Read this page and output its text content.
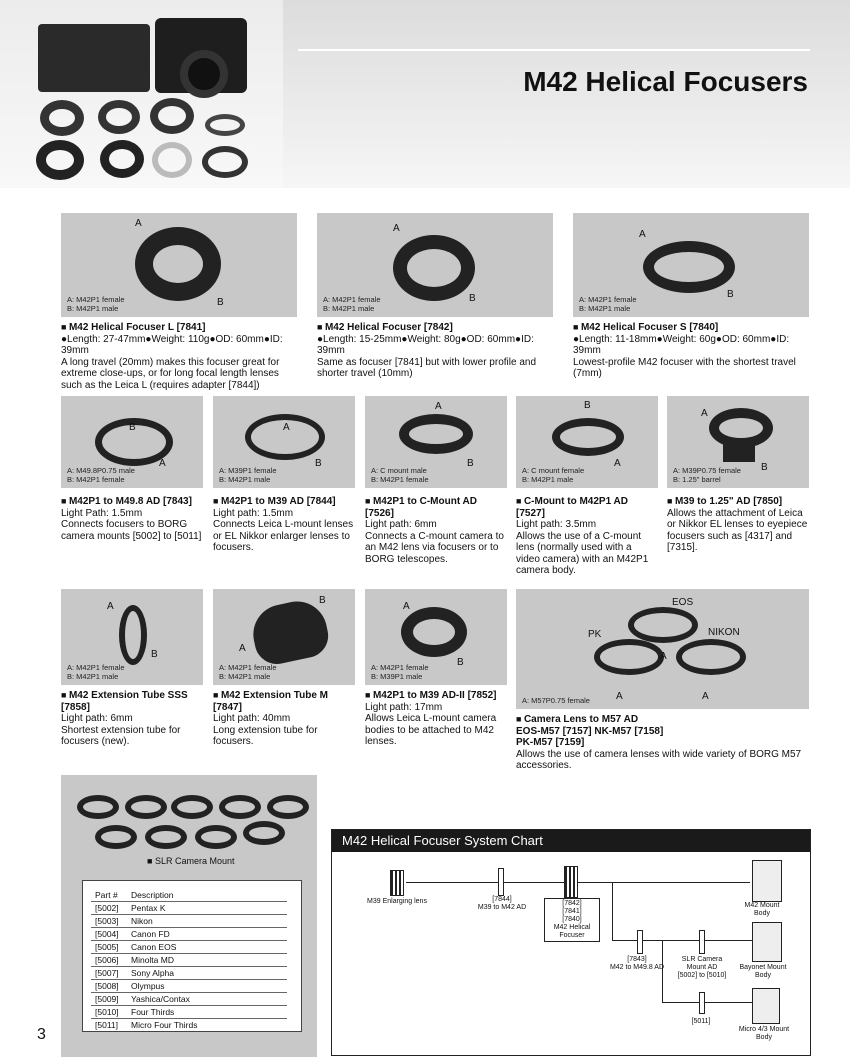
M42 Helical Focusers
A
B
A: M42P1 female
B: M42P1 male
■ M42 Helical Focuser L [7841]
●Length: 27-47mm●Weight: 110g●OD: 60mm●ID: 39mm
A long travel (20mm) makes this focuser great for extreme close-ups, or for long focal length lenses such as the Leica L (requires adapter [7844])
A
B
A: M42P1 female
B: M42P1 male
■ M42 Helical Focuser [7842]
●Length: 15-25mm●Weight: 80g●OD: 60mm●ID: 39mm
Same as focuser [7841] but with lower profile and shorter travel (10mm)
A
B
A: M42P1 female
B: M42P1 male
■ M42 Helical Focuser S [7840]
●Length: 11-18mm●Weight: 60g●OD: 60mm●ID: 39mm
Lowest-profile M42 focuser with the shortest travel (7mm)
B
A
A: M49.8P0.75 male
B: M42P1 female
■ M42P1 to M49.8 AD [7843]
Light Path: 1.5mm
Connects focusers to BORG camera mounts [5002] to [5011]
A
B
A: M39P1 female
B: M42P1 male
■ M42P1 to M39 AD [7844]
Light path: 1.5mm
Connects Leica L-mount lenses or EL Nikkor enlarger lenses to focusers.
A
B
A: C mount male
B: M42P1 female
■ M42P1 to C-Mount AD [7526]
Light path: 6mm
Connects a C-mount camera to an M42 lens via focusers or to BORG telescopes.
B
A
A: C mount female
B: M42P1 male
■ C-Mount to M42P1 AD [7527]
Light path: 3.5mm
Allows the use of a C-mount lens (normally used with a video camera) with an M42P1 camera body.
A
B
A: M39P0.75 female
B: 1.25" barrel
■ M39 to 1.25" AD [7850]
Allows the attachment of Leica or Nikkor EL lenses to eyepiece focusers such as [4317] and [7315].
A
B
A: M42P1 female
B: M42P1 male
■ M42 Extension Tube SSS [7858]
Light path: 6mm
Shortest extension tube for focusers (new).
B
A
A: M42P1 female
B: M42P1 male
■ M42 Extension Tube M [7847]
Light path: 40mm
Long extension tube for focusers.
A
B
A: M42P1 female
B: M39P1 male
■ M42P1 to M39 AD-II [7852]
Light path: 17mm
Allows Leica L-mount camera bodies to be attached to M42 lenses.
EOS
PK	NIKON
A
A	A
A: M57P0.75 female
■ Camera Lens to M57 AD
EOS-M57 [7157] NK-M57 [7158]
PK-M57 [7159]
Allows the use of camera lenses with wide variety of BORG M57 accessories.
■ SLR Camera Mount
Part # Description
[5002] Pentax K
[5003] Nikon
[5004] Canon FD
[5005] Canon EOS
[5006] Minolta MD
[5007] Sony Alpha
[5008] Olympus
[5009] Yashica/Contax
[5010] Four Thirds
[5011] Micro Four Thirds
3
M42 Helical Focuser System Chart
M39 Enlarging lens	[7844]
M39 to M42 AD
[7842]
[7841]
[7840]
M42 Helical
Focuser
M42 Mount
Body
[7843]
M42 to M49.8 AD
SLR Camera
Mount AD
[5002] to [5010]
Bayonet Mount
Body
[5011]
Micro 4/3 Mount
Body
